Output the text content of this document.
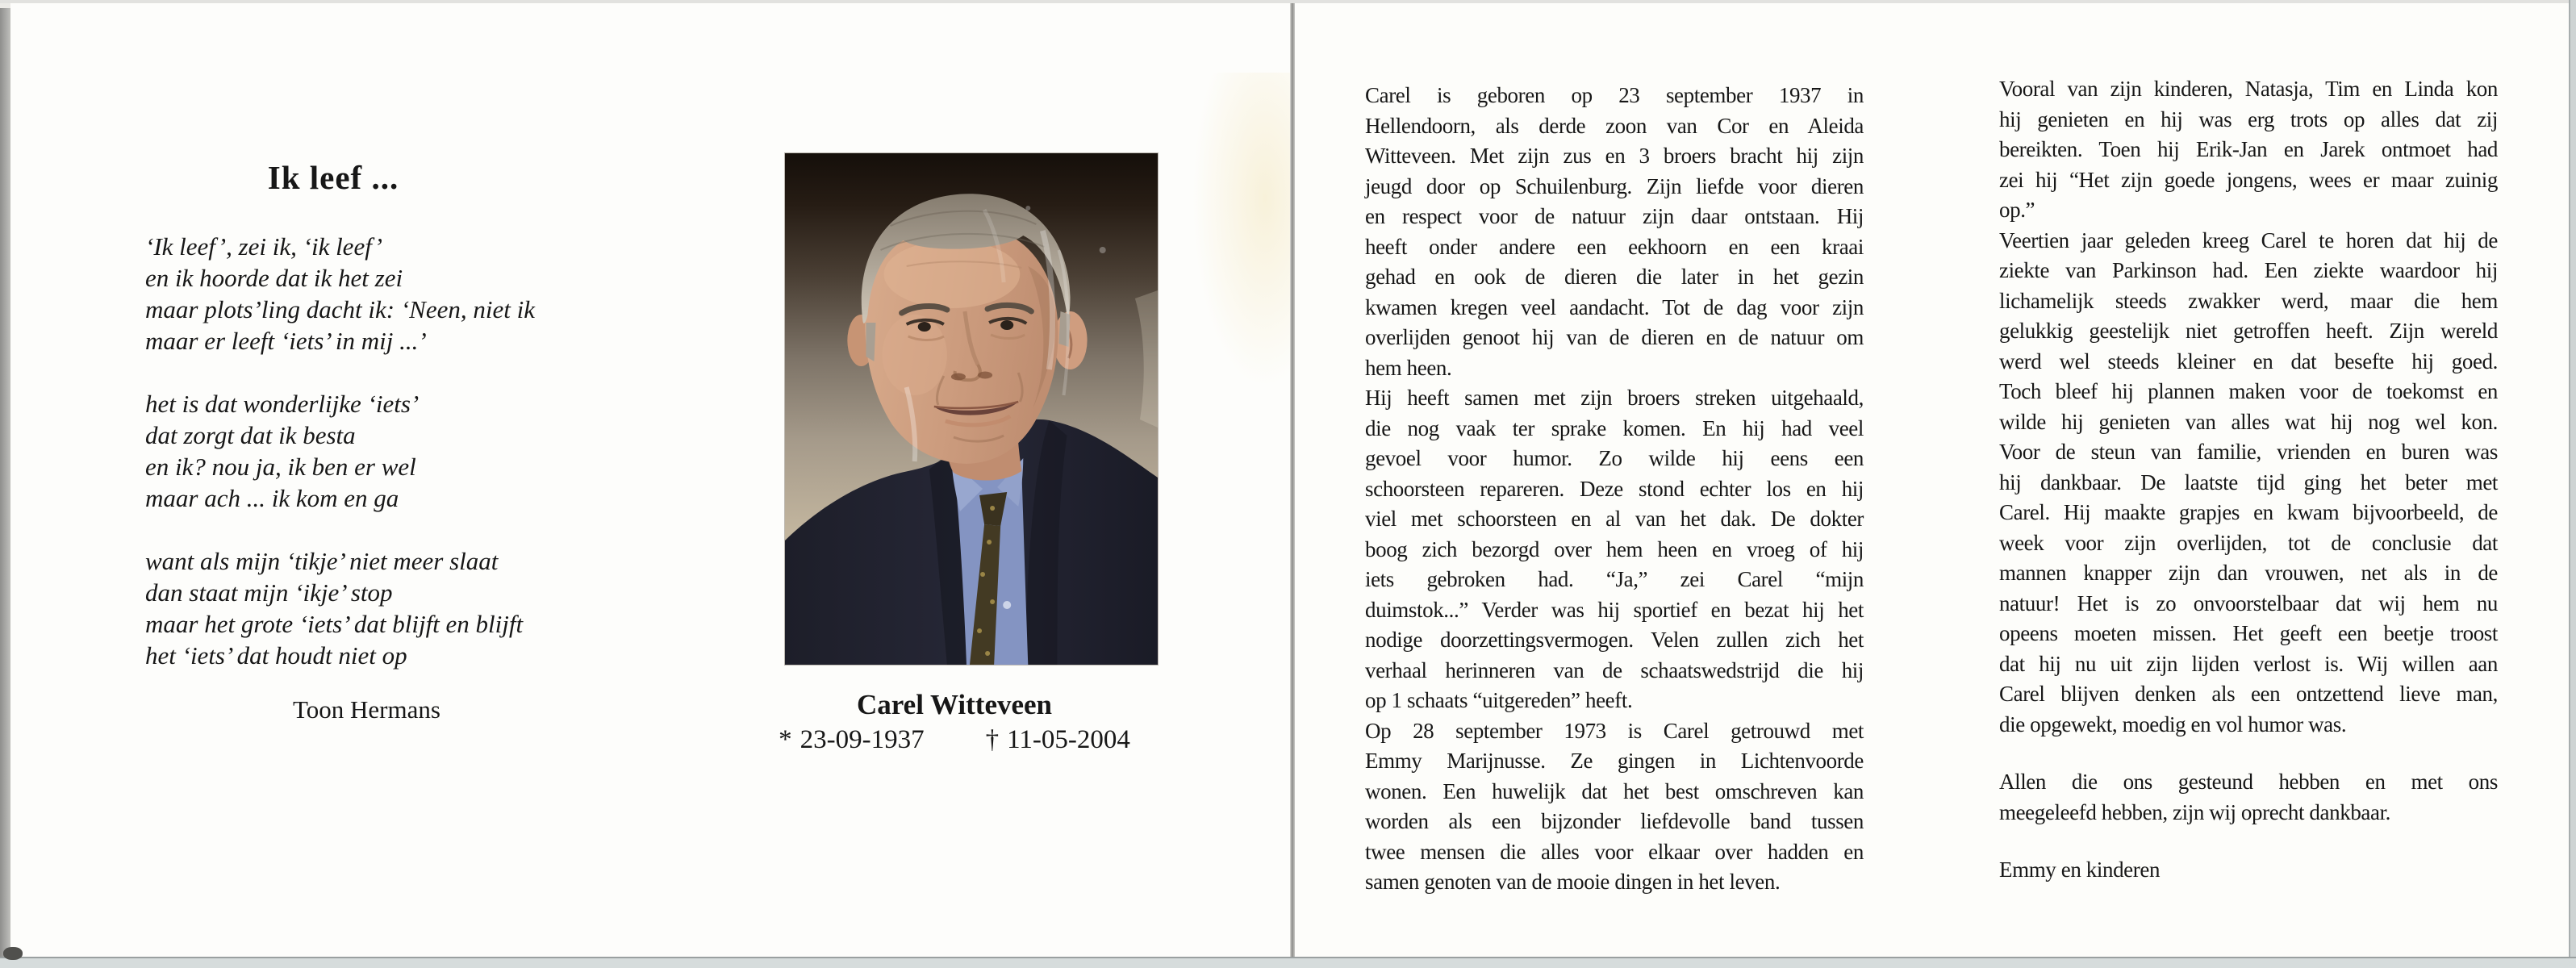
Ik leef ...
‘Ik leef’, zei ik, ‘ik leef’
en ik hoorde dat ik het zei
maar plots’ling dacht ik: ‘Neen, niet ik
maar er leeft ‘iets’ in mij ...’
het is dat wonderlijke ‘iets’
dat zorgt dat ik besta
en ik? nou ja, ik ben er wel
maar ach ... ik kom en ga
want als mijn ‘tikje’ niet meer slaat
dan staat mijn ‘ikje’ stop
maar het grote ‘iets’ dat blijft en blijft
het ‘iets’ dat houdt niet op
Toon Hermans	Carel Witteveen
* 23-09-1937 † 11-05-2004
Carel is geboren op 23 september 1937 in
Hellendoorn, als derde zoon van Cor en Aleida
Witteveen. Met zijn zus en 3 broers bracht hij zijn
jeugd door op Schuilenburg. Zijn liefde voor dieren
en respect voor de natuur zijn daar ontstaan. Hij
heeft onder andere een eekhoorn en een kraai
gehad en ook de dieren die later in het gezin
kwamen kregen veel aandacht. Tot de dag voor zijn
overlijden genoot hij van de dieren en de natuur om
hem heen.
Hij heeft samen met zijn broers streken uitgehaald,
die nog vaak ter sprake komen. En hij had veel
gevoel voor humor. Zo wilde hij eens een
schoorsteen repareren. Deze stond echter los en hij
viel met schoorsteen en al van het dak. De dokter
boog zich bezorgd over hem heen en vroeg of hij
iets gebroken had. “Ja,” zei Carel “mijn
duimstok...” Verder was hij sportief en bezat hij het
nodige doorzettingsvermogen. Velen zullen zich het
verhaal herinneren van de schaatswedstrijd die hij
op 1 schaats “uitgereden” heeft.
Op 28 september 1973 is Carel getrouwd met
Emmy Marijnusse. Ze gingen in Lichtenvoorde
wonen. Een huwelijk dat het best omschreven kan
worden als een bijzonder liefdevolle band tussen
twee mensen die alles voor elkaar over hadden en
samen genoten van de mooie dingen in het leven.
Vooral van zijn kinderen, Natasja, Tim en Linda kon
hij genieten en hij was erg trots op alles dat zij
bereikten. Toen hij Erik-Jan en Jarek ontmoet had
zei hij “Het zijn goede jongens, wees er maar zuinig
op.”
Veertien jaar geleden kreeg Carel te horen dat hij de
ziekte van Parkinson had. Een ziekte waardoor hij
lichamelijk steeds zwakker werd, maar die hem
gelukkig geestelijk niet getroffen heeft. Zijn wereld
werd wel steeds kleiner en dat besefte hij goed.
Toch bleef hij plannen maken voor de toekomst en
wilde hij genieten van alles wat hij nog wel kon.
Voor de steun van familie, vrienden en buren was
hij dankbaar. De laatste tijd ging het beter met
Carel. Hij maakte grapjes en kwam bijvoorbeeld, de
week voor zijn overlijden, tot de conclusie dat
mannen knapper zijn dan vrouwen, net als in de
natuur! Het is zo onvoorstelbaar dat wij hem nu
opeens moeten missen. Het geeft een beetje troost
dat hij nu uit zijn lijden verlost is. Wij willen aan
Carel blijven denken als een ontzettend lieve man,
die opgewekt, moedig en vol humor was.
Allen die ons gesteund hebben en met ons
meegeleefd hebben, zijn wij oprecht dankbaar.
Emmy en kinderen
